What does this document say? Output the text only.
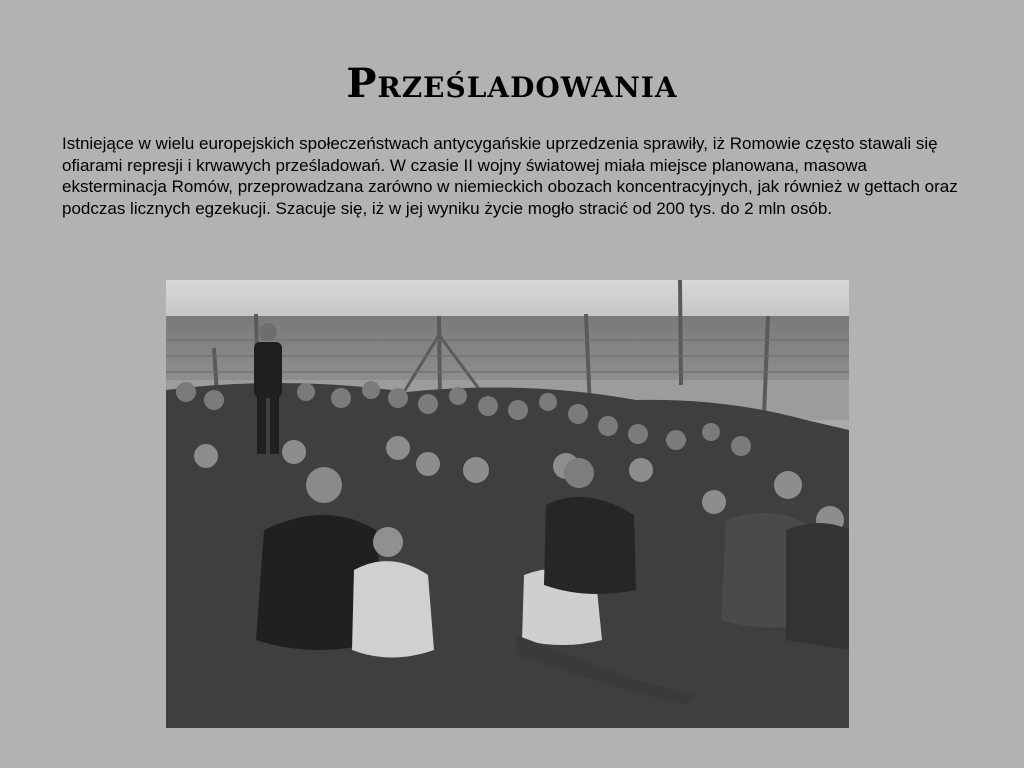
Prześladowania
Istniejące w wielu europejskich społeczeństwach antycygańskie uprzedzenia sprawiły, iż Romowie często stawali się ofiarami represji i krwawych prześladowań. W czasie II wojny światowej miała miejsce planowana, masowa eksterminacja Romów, przeprowadzana zarówno w niemieckich obozach koncentracyjnych, jak również w gettach oraz podczas licznych egzekucji. Szacuje się, iż w jej wyniku życie mogło stracić od 200 tys. do 2 mln osób.
